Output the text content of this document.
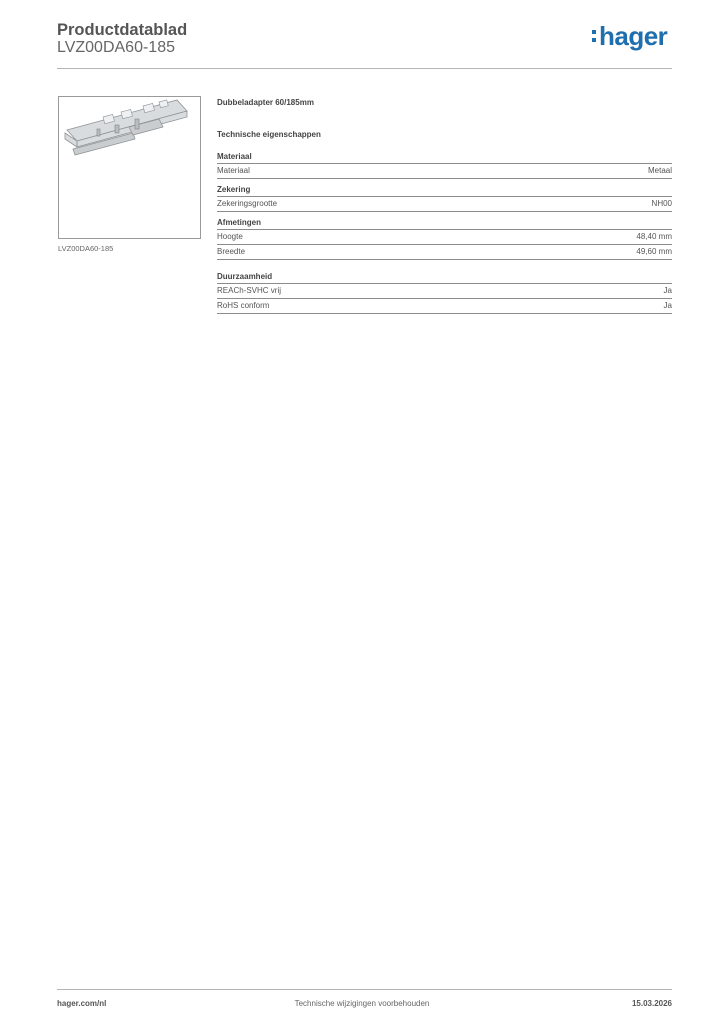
Productdatablad
LVZ00DA60-185	hager
LVZ00DA60-185
Dubbeladapter 60/185mm
Technische eigenschappen
Materiaal
Materiaal	Metaal
Zekering
Zekeringsgrootte	NH00
Afmetingen
Hoogte	48,40 mm
Breedte	49,60 mm
Duurzaamheid
REACh-SVHC vrij	Ja
RoHS conform	Ja
hager.com/nl	Technische wijzigingen voorbehouden	15.03.2026
